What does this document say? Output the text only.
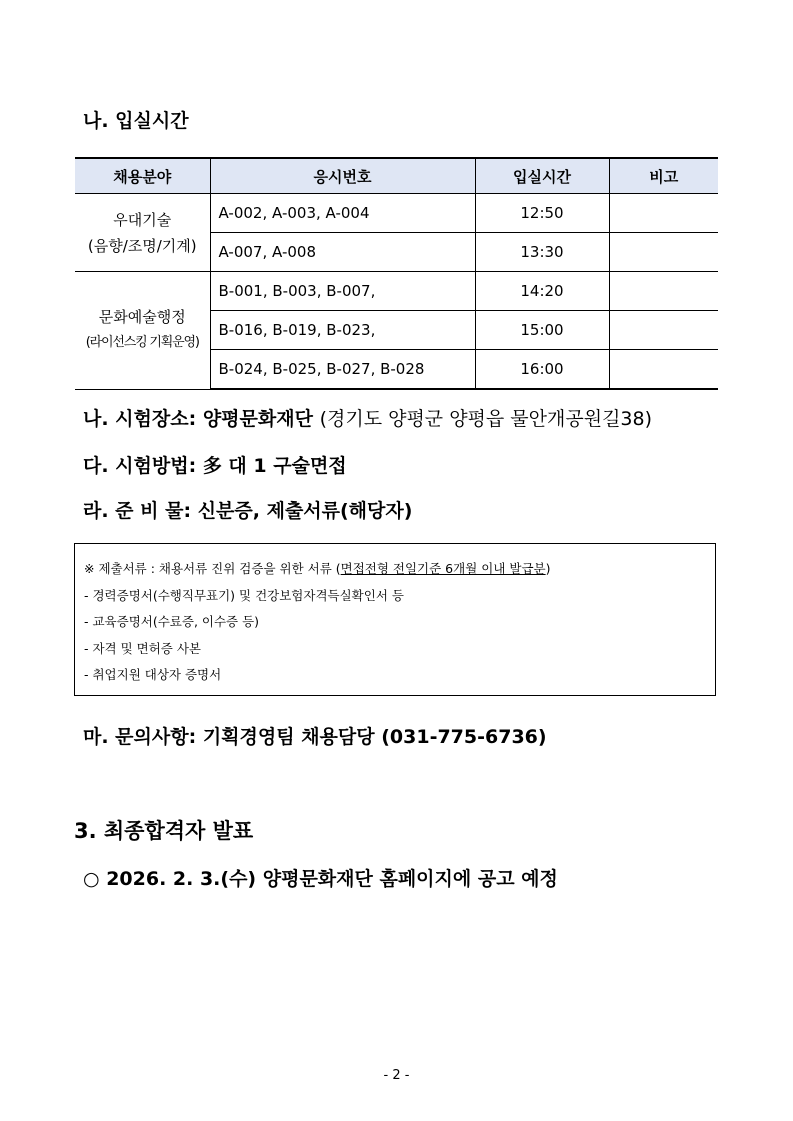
나. 입실시간
채용분야	응시번호	입실시간	비고

우대기술
(음향/조명/기계)	A-002, A-003, A-004	12:50	
	A-007, A-008	13:30	

문화예술행정
(라이선스킹 기획운영)	B-001, B-003, B-007,	14:20	
	B-016, B-019, B-023,	15:00	
	B-024, B-025, B-027, B-028	16:00	
나. 시험장소: 양평문화재단 (경기도 양평군 양평읍 물안개공원길38)
다. 시험방법: 多 대 1 구술면접
라. 준 비 물: 신분증, 제출서류(해당자)
※ 제출서류 : 채용서류 진위 검증을 위한 서류 (면접전형 전일기준 6개월 이내 발급분)
- 경력증명서(수행직무표기) 및 건강보험자격득실확인서 등
- 교육증명서(수료증, 이수증 등)
- 자격 및 면허증 사본
- 취업지원 대상자 증명서
마. 문의사항: 기획경영팀 채용담당 (031-775-6736)
3. 최종합격자 발표
○ 2026. 2. 3.(수) 양평문화재단 홈페이지에 공고 예정
- 2 -
